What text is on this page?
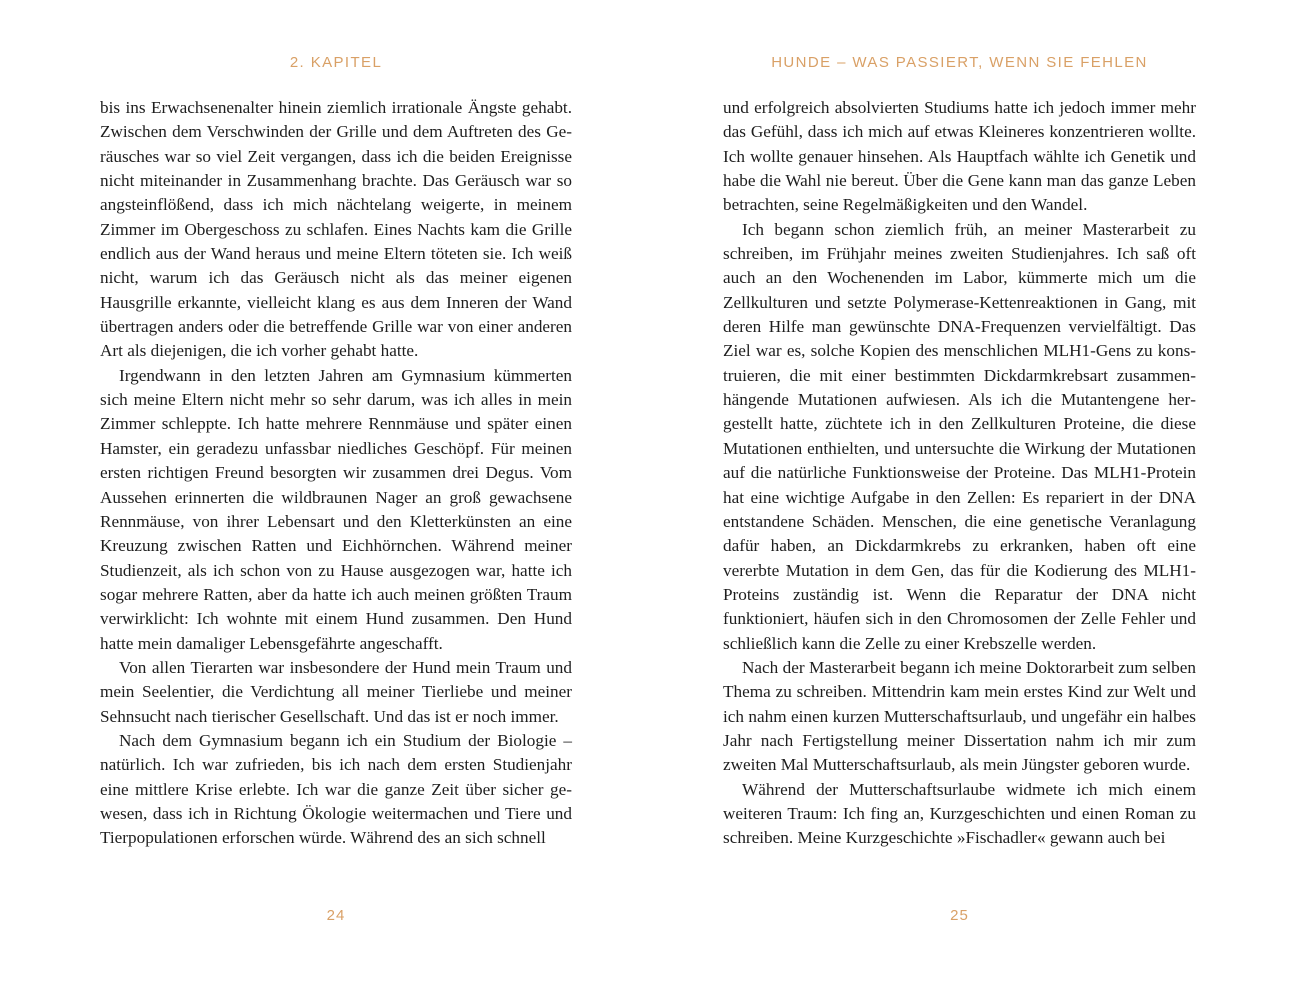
2. KAPITEL

bis ins Erwachsenenalter hinein ziemlich irrationale Ängste gehabt. Zwischen dem Verschwinden der Grille und dem Auftreten des Geräusches war so viel Zeit vergangen, dass ich die beiden Ereignisse nicht miteinander in Zusammenhang brachte. Das Geräusch war so angsteinflößend, dass ich mich nächtelang weigerte, in meinem Zimmer im Obergeschoss zu schlafen. Eines Nachts kam die Grille endlich aus der Wand heraus und meine Eltern töteten sie. Ich weiß nicht, warum ich das Geräusch nicht als das meiner eigenen Hausgrille erkannte, vielleicht klang es aus dem Inneren der Wand übertragen anders oder die betreffende Grille war von einer anderen Art als diejenigen, die ich vorher gehabt hatte.

Irgendwann in den letzten Jahren am Gymnasium kümmerten sich meine Eltern nicht mehr so sehr darum, was ich alles in mein Zimmer schleppte. Ich hatte mehrere Rennmäuse und später einen Hamster, ein geradezu unfassbar niedliches Geschöpf. Für meinen ersten richtigen Freund besorgten wir zusammen drei Degus. Vom Aussehen erinnerten die wildbraunen Nager an groß gewachsene Rennmäuse, von ihrer Lebensart und den Kletterkünsten an eine Kreuzung zwischen Ratten und Eichhörnchen. Während meiner Studienzeit, als ich schon von zu Hause ausgezogen war, hatte ich sogar mehrere Ratten, aber da hatte ich auch meinen größten Traum verwirklicht: Ich wohnte mit einem Hund zusammen. Den Hund hatte mein damaliger Lebensgefährte angeschafft.

Von allen Tierarten war insbesondere der Hund mein Traum und mein Seelentier, die Verdichtung all meiner Tierliebe und meiner Sehnsucht nach tierischer Gesellschaft. Und das ist er noch immer.

Nach dem Gymnasium begann ich ein Studium der Biologie – natürlich. Ich war zufrieden, bis ich nach dem ersten Studienjahr eine mittlere Krise erlebte. Ich war die ganze Zeit über sicher gewesen, dass ich in Richtung Ökologie weitermachen und Tiere und Tierpopulationen erforschen würde. Während des an sich schnell

24
HUNDE – WAS PASSIERT, WENN SIE FEHLEN

und erfolgreich absolvierten Studiums hatte ich jedoch immer mehr das Gefühl, dass ich mich auf etwas Kleineres konzentrieren wollte. Ich wollte genauer hinsehen. Als Hauptfach wählte ich Genetik und habe die Wahl nie bereut. Über die Gene kann man das ganze Leben betrachten, seine Regelmäßigkeiten und den Wandel.

Ich begann schon ziemlich früh, an meiner Masterarbeit zu schreiben, im Frühjahr meines zweiten Studienjahres. Ich saß oft auch an den Wochenenden im Labor, kümmerte mich um die Zellkulturen und setzte Polymerase-Kettenreaktionen in Gang, mit deren Hilfe man gewünschte DNA-Frequenzen vervielfältigt. Das Ziel war es, solche Kopien des menschlichen MLH1-Gens zu konstruieren, die mit einer bestimmten Dickdarmkrebsart zusammenhängende Mutationen aufwiesen. Als ich die Mutantengene hergestellt hatte, züchtete ich in den Zellkulturen Proteine, die diese Mutationen enthielten, und untersuchte die Wirkung der Mutationen auf die natürliche Funktionsweise der Proteine. Das MLH1-Protein hat eine wichtige Aufgabe in den Zellen: Es repariert in der DNA entstandene Schäden. Menschen, die eine genetische Veranlagung dafür haben, an Dickdarmkrebs zu erkranken, haben oft eine vererbte Mutation in dem Gen, das für die Kodierung des MLH1-Proteins zuständig ist. Wenn die Reparatur der DNA nicht funktioniert, häufen sich in den Chromosomen der Zelle Fehler und schließlich kann die Zelle zu einer Krebszelle werden.

Nach der Masterarbeit begann ich meine Doktorarbeit zum selben Thema zu schreiben. Mittendrin kam mein erstes Kind zur Welt und ich nahm einen kurzen Mutterschaftsurlaub, und ungefähr ein halbes Jahr nach Fertigstellung meiner Dissertation nahm ich mir zum zweiten Mal Mutterschaftsurlaub, als mein Jüngster geboren wurde.

Während der Mutterschaftsurlaube widmete ich mich einem weiteren Traum: Ich fing an, Kurzgeschichten und einen Roman zu schreiben. Meine Kurzgeschichte »Fischadler« gewann auch bei

25
